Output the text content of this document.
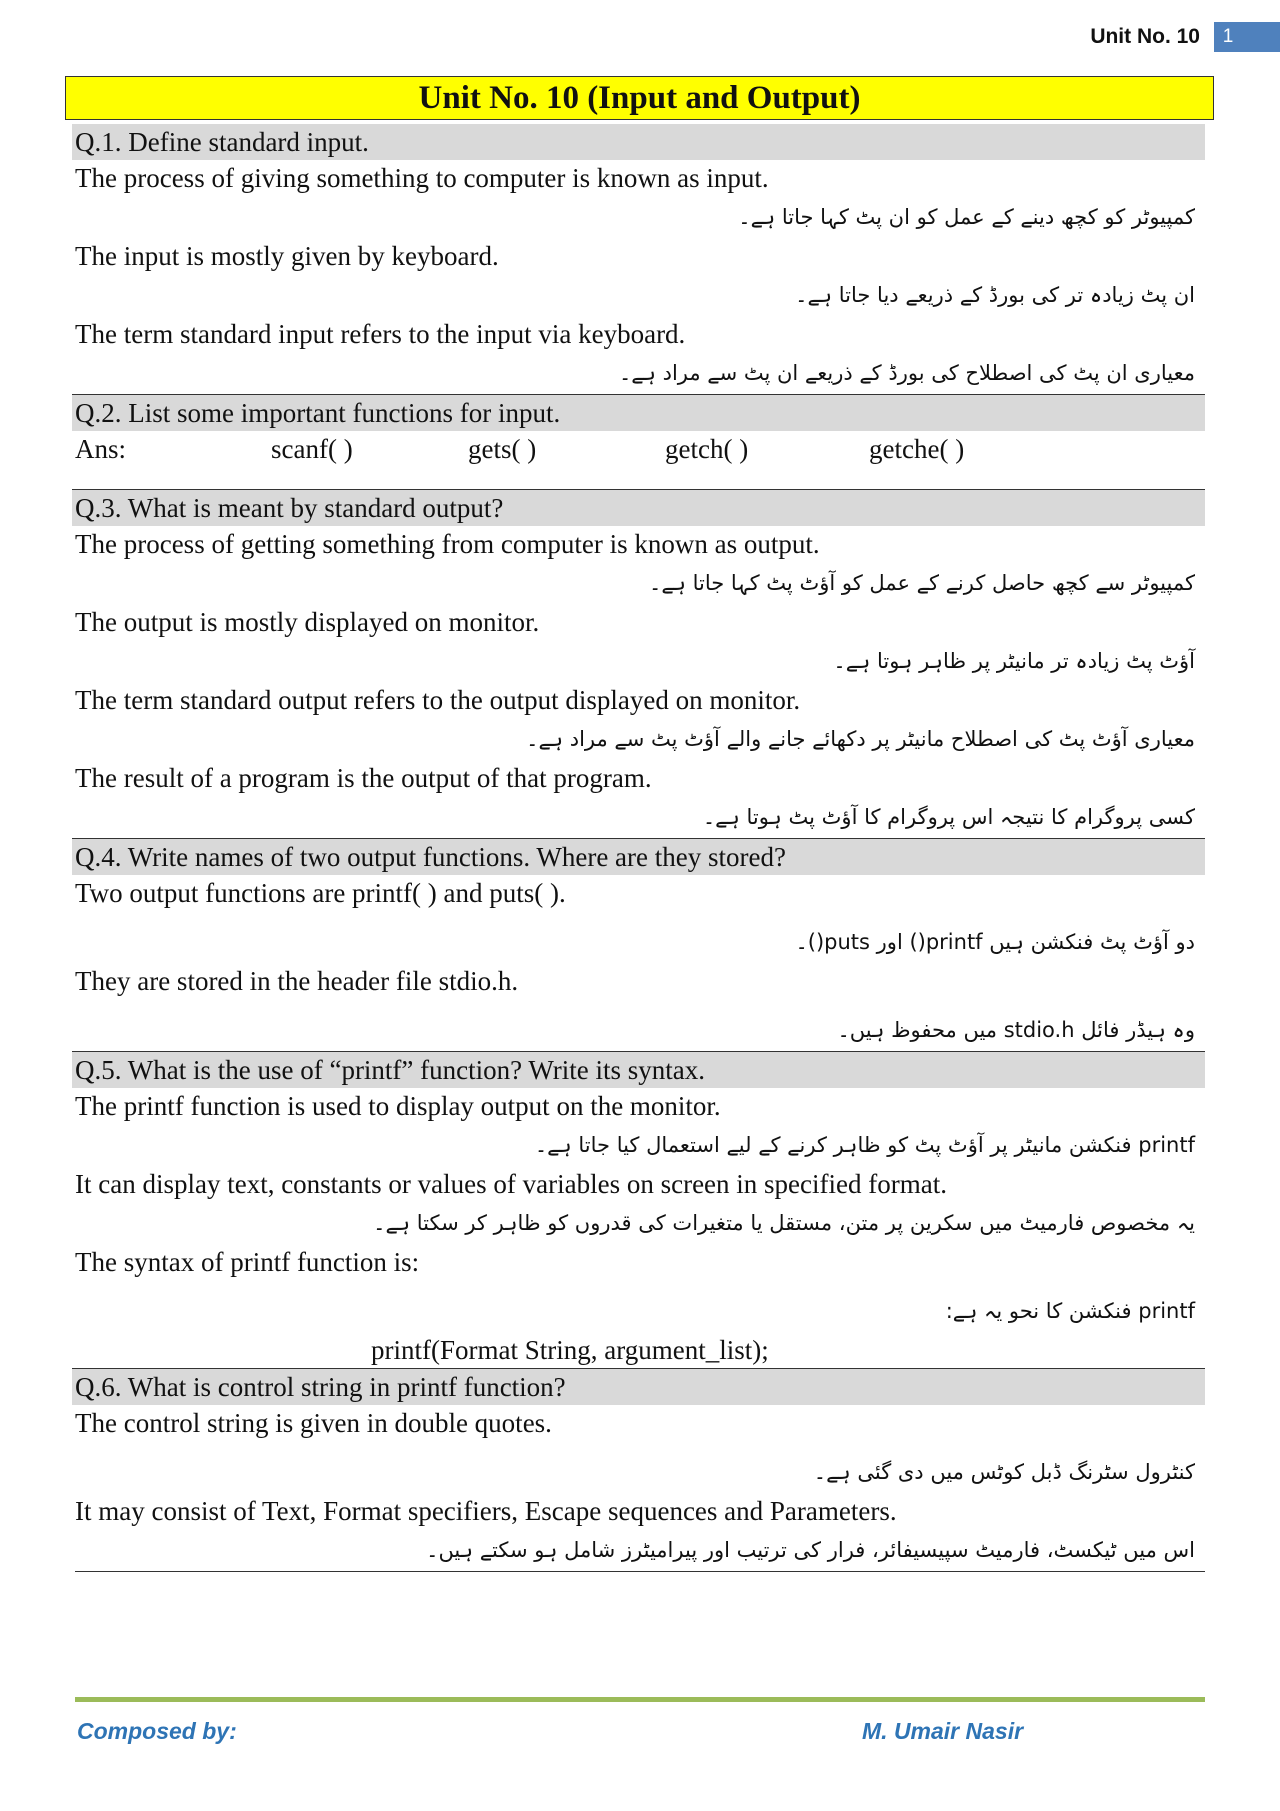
Unit No. 10	1
Unit No. 10 (Input and Output)
Q.1. Define standard input.
The process of giving something to computer is known as input.
کمپیوٹر کو کچھ دینے کے عمل کو ان پٹ کہا جاتا ہے۔
The input is mostly given by keyboard.
ان پٹ زیادہ تر کی بورڈ کے ذریعے دیا جاتا ہے۔
The term standard input refers to the input via keyboard.
معیاری ان پٹ کی اصطلاح کی بورڈ کے ذریعے ان پٹ سے مراد ہے۔
Q.2. List some important functions for input.
Ans:	scanf( )	gets( )	getch( )	getche( )
Q.3. What is meant by standard output?
The process of getting something from computer is known as output.
کمپیوٹر سے کچھ حاصل کرنے کے عمل کو آؤٹ پٹ کہا جاتا ہے۔
The output is mostly displayed on monitor.
آؤٹ پٹ زیادہ تر مانیٹر پر ظاہر ہوتا ہے۔
The term standard output refers to the output displayed on monitor.
معیاری آؤٹ پٹ کی اصطلاح مانیٹر پر دکھائے جانے والے آؤٹ پٹ سے مراد ہے۔
The result of a program is the output of that program.
کسی پروگرام کا نتیجہ اس پروگرام کا آؤٹ پٹ ہوتا ہے۔
Q.4. Write names of two output functions. Where are they stored?
Two output functions are printf( ) and puts( ).
دو آؤٹ پٹ فنکشن ہیں printf() اور puts()۔
They are stored in the header file stdio.h.
وہ ہیڈر فائل stdio.h میں محفوظ ہیں۔
Q.5. What is the use of “printf” function? Write its syntax.
The printf function is used to display output on the monitor.
printf فنکشن مانیٹر پر آؤٹ پٹ کو ظاہر کرنے کے لیے استعمال کیا جاتا ہے۔
It can display text, constants or values of variables on screen in specified format.
یہ مخصوص فارمیٹ میں سکرین پر متن، مستقل یا متغیرات کی قدروں کو ظاہر کر سکتا ہے۔
The syntax of printf function is:
printf فنکشن کا نحو یہ ہے:
printf(Format String, argument_list);
Q.6. What is control string in printf function?
The control string is given in double quotes.
کنٹرول سٹرنگ ڈبل کوٹس میں دی گئی ہے۔
It may consist of Text, Format specifiers, Escape sequences and Parameters.
اس میں ٹیکسٹ، فارمیٹ سپیسیفائر، فرار کی ترتیب اور پیرامیٹرز شامل ہو سکتے ہیں۔
Composed by:	M. Umair Nasir
